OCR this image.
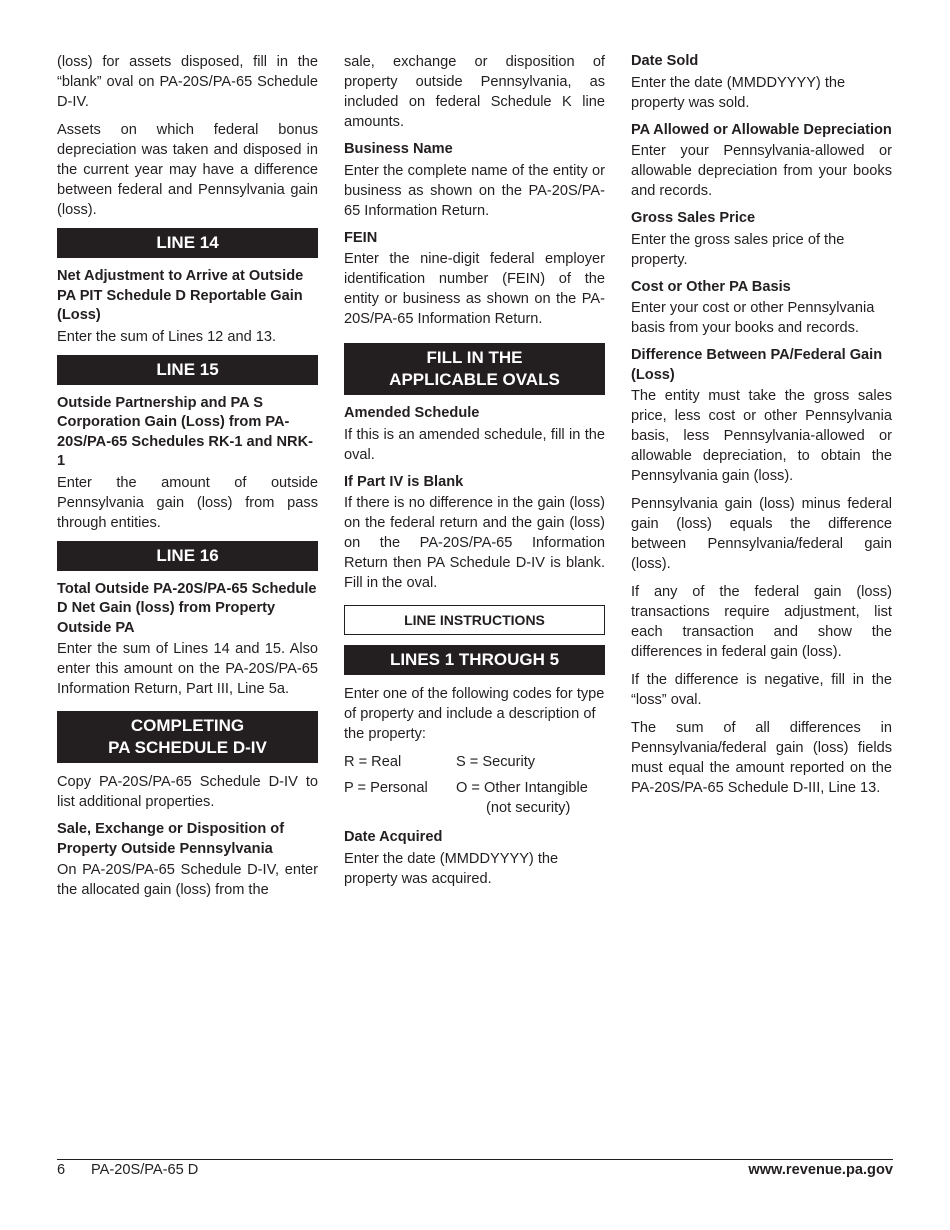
(loss) for assets disposed, fill in the “blank” oval on PA-20S/PA-65 Schedule D-IV.

Assets on which federal bonus depreciation was taken and disposed in the current year may have a difference between federal and Pennsylvania gain (loss).

LINE 14
Net Adjustment to Arrive at Outside PA PIT Schedule D Reportable Gain (Loss)

Enter the sum of Lines 12 and 13.

LINE 15
Outside Partnership and PA S Corporation Gain (Loss) from PA-20S/PA-65 Schedules RK-1 and NRK-1

Enter the amount of outside Pennsylvania gain (loss) from pass through entities.

LINE 16
Total Outside PA-20S/PA-65 Schedule D Net Gain (loss) from Property Outside PA

Enter the sum of Lines 14 and 15. Also enter this amount on the PA-20S/PA-65 Information Return, Part III, Line 5a.

COMPLETING
PA SCHEDULE D-IV

Copy PA-20S/PA-65 Schedule D-IV to list additional properties.

Sale, Exchange or Disposition of Property Outside Pennsylvania

On PA-20S/PA-65 Schedule D-IV, enter the allocated gain (loss) from the

sale, exchange or disposition of property outside Pennsylvania, as included on federal Schedule K line amounts.

Business Name

Enter the complete name of the entity or business as shown on the PA-20S/PA-65 Information Return.

FEIN

Enter the nine-digit federal employer identification number (FEIN) of the entity or business as shown on the PA-20S/PA-65 Information Return.

FILL IN THE
APPLICABLE OVALS
Amended Schedule

If this is an amended schedule, fill in the oval.

If Part IV is Blank

If there is no difference in the gain (loss) on the federal return and the gain (loss) on the PA-20S/PA-65 Information Return then PA Schedule D-IV is blank. Fill in the oval.

LINE INSTRUCTIONS
LINES 1 THROUGH 5

Enter one of the following codes for type of property and include a description of the property:

R = Real	S = Security
P = Personal	O = Other Intangible
(not security)
Date Acquired

Enter the date (MMDDYYYY) the property was acquired.

Date Sold

Enter the date (MMDDYYYY) the property was sold.

PA Allowed or Allowable Depreciation

Enter your Pennsylvania-allowed or allowable depreciation from your books and records.

Gross Sales Price

Enter the gross sales price of the property.

Cost or Other PA Basis

Enter your cost or other Pennsylvania basis from your books and records.

Difference Between PA/Federal Gain (Loss)

The entity must take the gross sales price, less cost or other Pennsylvania basis, less Pennsylvania-allowed or allowable depreciation, to obtain the Pennsylvania gain (loss).

Pennsylvania gain (loss) minus federal gain (loss) equals the difference between Pennsylvania/federal gain (loss).

If any of the federal gain (loss) transactions require adjustment, list each transaction and show the differences in federal gain (loss).

If the difference is negative, fill in the “loss” oval.

The sum of all differences in Pennsylvania/federal gain (loss) fields must equal the amount reported on the PA-20S/PA-65 Schedule D-III, Line 13.

6 PA-20S/PA-65 D	www.revenue.pa.gov
